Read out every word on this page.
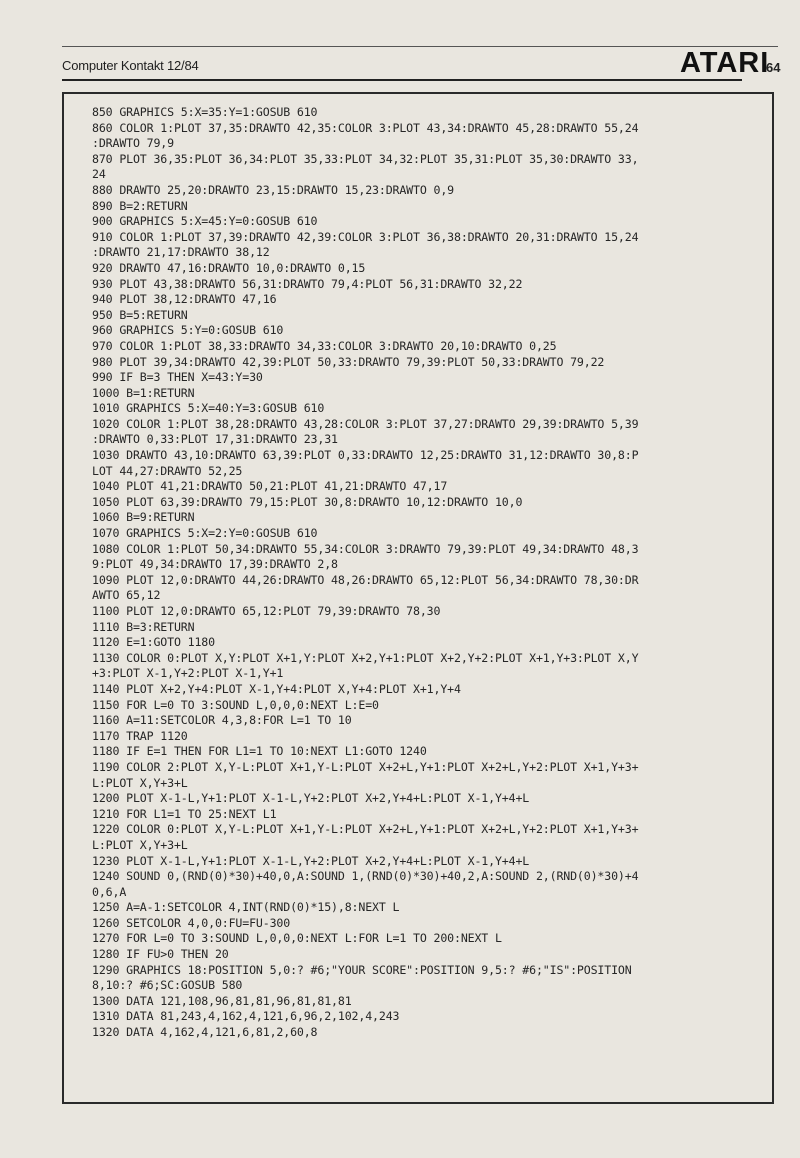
Computer Kontakt 12/84	ATARI
64
850 GRAPHICS 5:X=35:Y=1:GOSUB 610
860 COLOR 1:PLOT 37,35:DRAWTO 42,35:COLOR 3:PLOT 43,34:DRAWTO 45,28:DRAWTO 55,24
:DRAWTO 79,9
870 PLOT 36,35:PLOT 36,34:PLOT 35,33:PLOT 34,32:PLOT 35,31:PLOT 35,30:DRAWTO 33,
24
880 DRAWTO 25,20:DRAWTO 23,15:DRAWTO 15,23:DRAWTO 0,9
890 B=2:RETURN
900 GRAPHICS 5:X=45:Y=0:GOSUB 610
910 COLOR 1:PLOT 37,39:DRAWTO 42,39:COLOR 3:PLOT 36,38:DRAWTO 20,31:DRAWTO 15,24
:DRAWTO 21,17:DRAWTO 38,12
920 DRAWTO 47,16:DRAWTO 10,0:DRAWTO 0,15
930 PLOT 43,38:DRAWTO 56,31:DRAWTO 79,4:PLOT 56,31:DRAWTO 32,22
940 PLOT 38,12:DRAWTO 47,16
950 B=5:RETURN
960 GRAPHICS 5:Y=0:GOSUB 610
970 COLOR 1:PLOT 38,33:DRAWTO 34,33:COLOR 3:DRAWTO 20,10:DRAWTO 0,25
980 PLOT 39,34:DRAWTO 42,39:PLOT 50,33:DRAWTO 79,39:PLOT 50,33:DRAWTO 79,22
990 IF B=3 THEN X=43:Y=30
1000 B=1:RETURN
1010 GRAPHICS 5:X=40:Y=3:GOSUB 610
1020 COLOR 1:PLOT 38,28:DRAWTO 43,28:COLOR 3:PLOT 37,27:DRAWTO 29,39:DRAWTO 5,39
:DRAWTO 0,33:PLOT 17,31:DRAWTO 23,31
1030 DRAWTO 43,10:DRAWTO 63,39:PLOT 0,33:DRAWTO 12,25:DRAWTO 31,12:DRAWTO 30,8:P
LOT 44,27:DRAWTO 52,25
1040 PLOT 41,21:DRAWTO 50,21:PLOT 41,21:DRAWTO 47,17
1050 PLOT 63,39:DRAWTO 79,15:PLOT 30,8:DRAWTO 10,12:DRAWTO 10,0
1060 B=9:RETURN
1070 GRAPHICS 5:X=2:Y=0:GOSUB 610
1080 COLOR 1:PLOT 50,34:DRAWTO 55,34:COLOR 3:DRAWTO 79,39:PLOT 49,34:DRAWTO 48,3
9:PLOT 49,34:DRAWTO 17,39:DRAWTO 2,8
1090 PLOT 12,0:DRAWTO 44,26:DRAWTO 48,26:DRAWTO 65,12:PLOT 56,34:DRAWTO 78,30:DR
AWTO 65,12
1100 PLOT 12,0:DRAWTO 65,12:PLOT 79,39:DRAWTO 78,30
1110 B=3:RETURN
1120 E=1:GOTO 1180
1130 COLOR 0:PLOT X,Y:PLOT X+1,Y:PLOT X+2,Y+1:PLOT X+2,Y+2:PLOT X+1,Y+3:PLOT X,Y
+3:PLOT X-1,Y+2:PLOT X-1,Y+1
1140 PLOT X+2,Y+4:PLOT X-1,Y+4:PLOT X,Y+4:PLOT X+1,Y+4
1150 FOR L=0 TO 3:SOUND L,0,0,0:NEXT L:E=0
1160 A=11:SETCOLOR 4,3,8:FOR L=1 TO 10
1170 TRAP 1120
1180 IF E=1 THEN FOR L1=1 TO 10:NEXT L1:GOTO 1240
1190 COLOR 2:PLOT X,Y-L:PLOT X+1,Y-L:PLOT X+2+L,Y+1:PLOT X+2+L,Y+2:PLOT X+1,Y+3+
L:PLOT X,Y+3+L
1200 PLOT X-1-L,Y+1:PLOT X-1-L,Y+2:PLOT X+2,Y+4+L:PLOT X-1,Y+4+L
1210 FOR L1=1 TO 25:NEXT L1
1220 COLOR 0:PLOT X,Y-L:PLOT X+1,Y-L:PLOT X+2+L,Y+1:PLOT X+2+L,Y+2:PLOT X+1,Y+3+
L:PLOT X,Y+3+L
1230 PLOT X-1-L,Y+1:PLOT X-1-L,Y+2:PLOT X+2,Y+4+L:PLOT X-1,Y+4+L
1240 SOUND 0,(RND(0)*30)+40,0,A:SOUND 1,(RND(0)*30)+40,2,A:SOUND 2,(RND(0)*30)+4
0,6,A
1250 A=A-1:SETCOLOR 4,INT(RND(0)*15),8:NEXT L
1260 SETCOLOR 4,0,0:FU=FU-300
1270 FOR L=0 TO 3:SOUND L,0,0,0:NEXT L:FOR L=1 TO 200:NEXT L
1280 IF FU>0 THEN 20
1290 GRAPHICS 18:POSITION 5,0:? #6;"YOUR SCORE":POSITION 9,5:? #6;"IS":POSITION
8,10:? #6;SC:GOSUB 580
1300 DATA 121,108,96,81,81,96,81,81,81
1310 DATA 81,243,4,162,4,121,6,96,2,102,4,243
1320 DATA 4,162,4,121,6,81,2,60,8
